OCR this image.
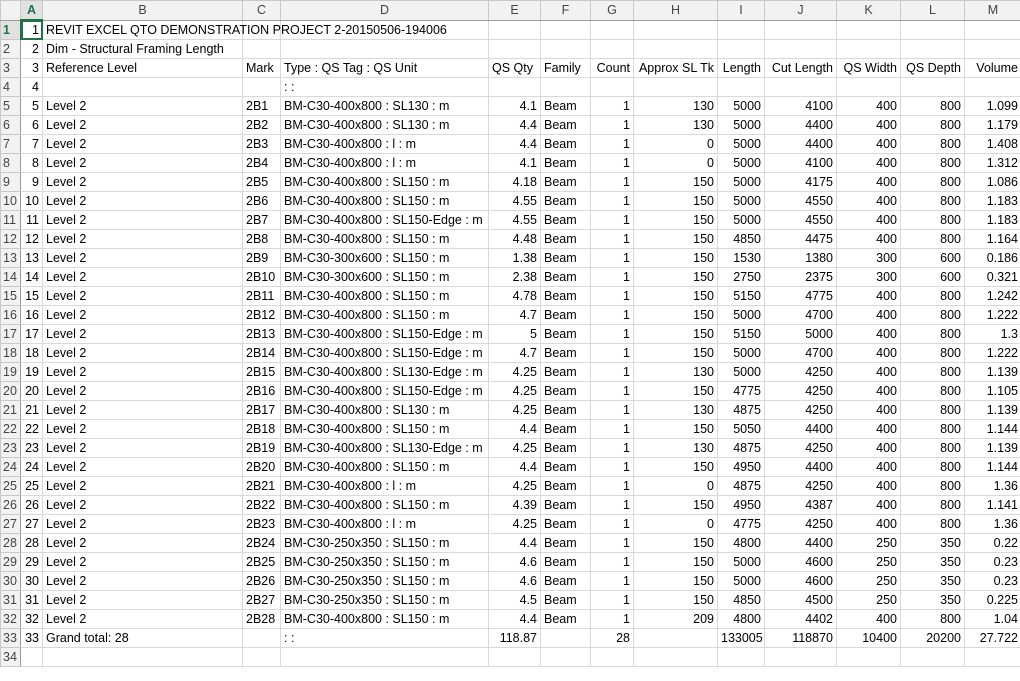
	A	B	C	D	E	F	G	H	I	J	K	L	M
1	1	REVIT EXCEL QTO DEMONSTRATION PROJECT 2-20150506-194006											
2	2	Dim - Structural Framing Length											
3	3	Reference Level	Mark	Type : QS Tag : QS Unit	QS Qty	Family	Count	Approx SL Tk	Length	Cut Length	QS Width	QS Depth	Volume
4	4			: :									
5	5	Level 2	2B1	BM-C30-400x800 : SL130 : m	4.1	Beam	1	130	5000	4100	400	800	1.099
6	6	Level 2	2B2	BM-C30-400x800 : SL130 : m	4.4	Beam	1	130	5000	4400	400	800	1.179
7	7	Level 2	2B3	BM-C30-400x800 : l : m	4.4	Beam	1	0	5000	4400	400	800	1.408
8	8	Level 2	2B4	BM-C30-400x800 : l : m	4.1	Beam	1	0	5000	4100	400	800	1.312
9	9	Level 2	2B5	BM-C30-400x800 : SL150 : m	4.18	Beam	1	150	5000	4175	400	800	1.086
10	10	Level 2	2B6	BM-C30-400x800 : SL150 : m	4.55	Beam	1	150	5000	4550	400	800	1.183
11	11	Level 2	2B7	BM-C30-400x800 : SL150-Edge : m	4.55	Beam	1	150	5000	4550	400	800	1.183
12	12	Level 2	2B8	BM-C30-400x800 : SL150 : m	4.48	Beam	1	150	4850	4475	400	800	1.164
13	13	Level 2	2B9	BM-C30-300x600 : SL150 : m	1.38	Beam	1	150	1530	1380	300	600	0.186
14	14	Level 2	2B10	BM-C30-300x600 : SL150 : m	2.38	Beam	1	150	2750	2375	300	600	0.321
15	15	Level 2	2B11	BM-C30-400x800 : SL150 : m	4.78	Beam	1	150	5150	4775	400	800	1.242
16	16	Level 2	2B12	BM-C30-400x800 : SL150 : m	4.7	Beam	1	150	5000	4700	400	800	1.222
17	17	Level 2	2B13	BM-C30-400x800 : SL150-Edge : m	5	Beam	1	150	5150	5000	400	800	1.3
18	18	Level 2	2B14	BM-C30-400x800 : SL150-Edge : m	4.7	Beam	1	150	5000	4700	400	800	1.222
19	19	Level 2	2B15	BM-C30-400x800 : SL130-Edge : m	4.25	Beam	1	130	5000	4250	400	800	1.139
20	20	Level 2	2B16	BM-C30-400x800 : SL150-Edge : m	4.25	Beam	1	150	4775	4250	400	800	1.105
21	21	Level 2	2B17	BM-C30-400x800 : SL130 : m	4.25	Beam	1	130	4875	4250	400	800	1.139
22	22	Level 2	2B18	BM-C30-400x800 : SL150 : m	4.4	Beam	1	150	5050	4400	400	800	1.144
23	23	Level 2	2B19	BM-C30-400x800 : SL130-Edge : m	4.25	Beam	1	130	4875	4250	400	800	1.139
24	24	Level 2	2B20	BM-C30-400x800 : SL150 : m	4.4	Beam	1	150	4950	4400	400	800	1.144
25	25	Level 2	2B21	BM-C30-400x800 : l : m	4.25	Beam	1	0	4875	4250	400	800	1.36
26	26	Level 2	2B22	BM-C30-400x800 : SL150 : m	4.39	Beam	1	150	4950	4387	400	800	1.141
27	27	Level 2	2B23	BM-C30-400x800 : l : m	4.25	Beam	1	0	4775	4250	400	800	1.36
28	28	Level 2	2B24	BM-C30-250x350 : SL150 : m	4.4	Beam	1	150	4800	4400	250	350	0.22
29	29	Level 2	2B25	BM-C30-250x350 : SL150 : m	4.6	Beam	1	150	5000	4600	250	350	0.23
30	30	Level 2	2B26	BM-C30-250x350 : SL150 : m	4.6	Beam	1	150	5000	4600	250	350	0.23
31	31	Level 2	2B27	BM-C30-250x350 : SL150 : m	4.5	Beam	1	150	4850	4500	250	350	0.225
32	32	Level 2	2B28	BM-C30-400x800 : SL150 : m	4.4	Beam	1	209	4800	4402	400	800	1.04
33	33	Grand total: 28		: :	118.87		28		133005	118870	10400	20200	27.722
34													
